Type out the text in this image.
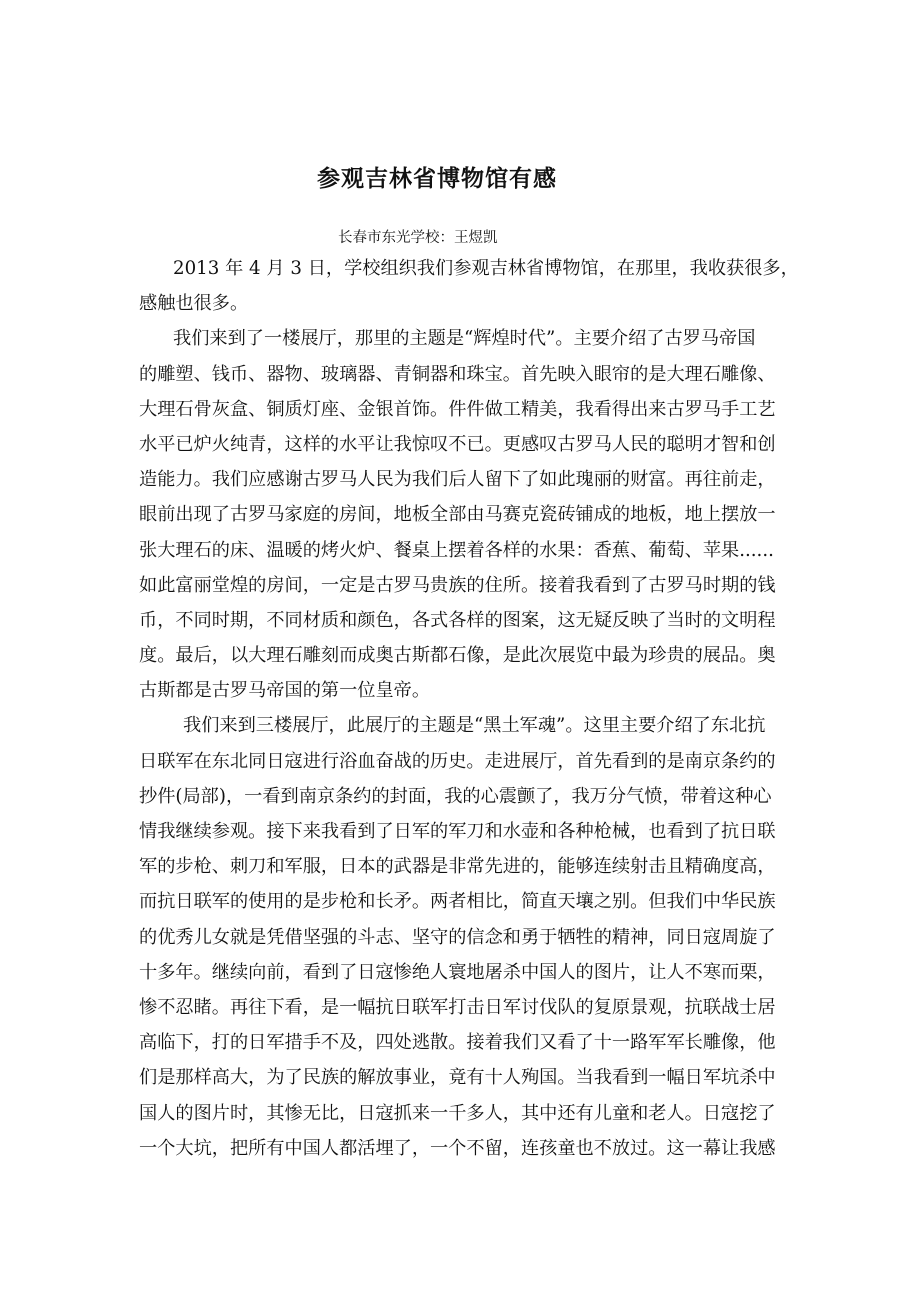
参观吉林省博物馆有感

长春市东光学校：王煜凯

2013 年 4 月 3 日，学校组织我们参观吉林省博物馆，在那里，我收获很多，
感触也很多。

我们来到了一楼展厅，那里的主题是“辉煌时代”。主要介绍了古罗马帝国
的雕塑、钱币、器物、玻璃器、青铜器和珠宝。首先映入眼帘的是大理石雕像、
大理石骨灰盒、铜质灯座、金银首饰。件件做工精美，我看得出来古罗马手工艺
水平已炉火纯青，这样的水平让我惊叹不已。更感叹古罗马人民的聪明才智和创
造能力。我们应感谢古罗马人民为我们后人留下了如此瑰丽的财富。再往前走，
眼前出现了古罗马家庭的房间，地板全部由马赛克瓷砖铺成的地板，地上摆放一
张大理石的床、温暖的烤火炉、餐桌上摆着各样的水果：香蕉、葡萄、苹果......
如此富丽堂煌的房间，一定是古罗马贵族的住所。接着我看到了古罗马时期的钱
币，不同时期，不同材质和颜色，各式各样的图案，这无疑反映了当时的文明程
度。最后，以大理石雕刻而成奥古斯都石像，是此次展览中最为珍贵的展品。奥
古斯都是古罗马帝国的第一位皇帝。

我们来到三楼展厅，此展厅的主题是“黑土军魂”。这里主要介绍了东北抗
日联军在东北同日寇进行浴血奋战的历史。走进展厅，首先看到的是南京条约的
抄件(局部)，一看到南京条约的封面，我的心震颤了，我万分气愤，带着这种心
情我继续参观。接下来我看到了日军的军刀和水壶和各种枪械，也看到了抗日联
军的步枪、刺刀和军服，日本的武器是非常先进的，能够连续射击且精确度高，
而抗日联军的使用的是步枪和长矛。两者相比，简直天壤之别。但我们中华民族
的优秀儿女就是凭借坚强的斗志、坚守的信念和勇于牺牲的精神，同日寇周旋了
十多年。继续向前，看到了日寇惨绝人寰地屠杀中国人的图片，让人不寒而栗，
惨不忍睹。再往下看，是一幅抗日联军打击日军讨伐队的复原景观，抗联战士居
高临下，打的日军措手不及，四处逃散。接着我们又看了十一路军军长雕像，他
们是那样高大，为了民族的解放事业，竟有十人殉国。当我看到一幅日军坑杀中
国人的图片时，其惨无比，日寇抓来一千多人，其中还有儿童和老人。日寇挖了
一个大坑，把所有中国人都活埋了，一个不留，连孩童也不放过。这一幕让我感
